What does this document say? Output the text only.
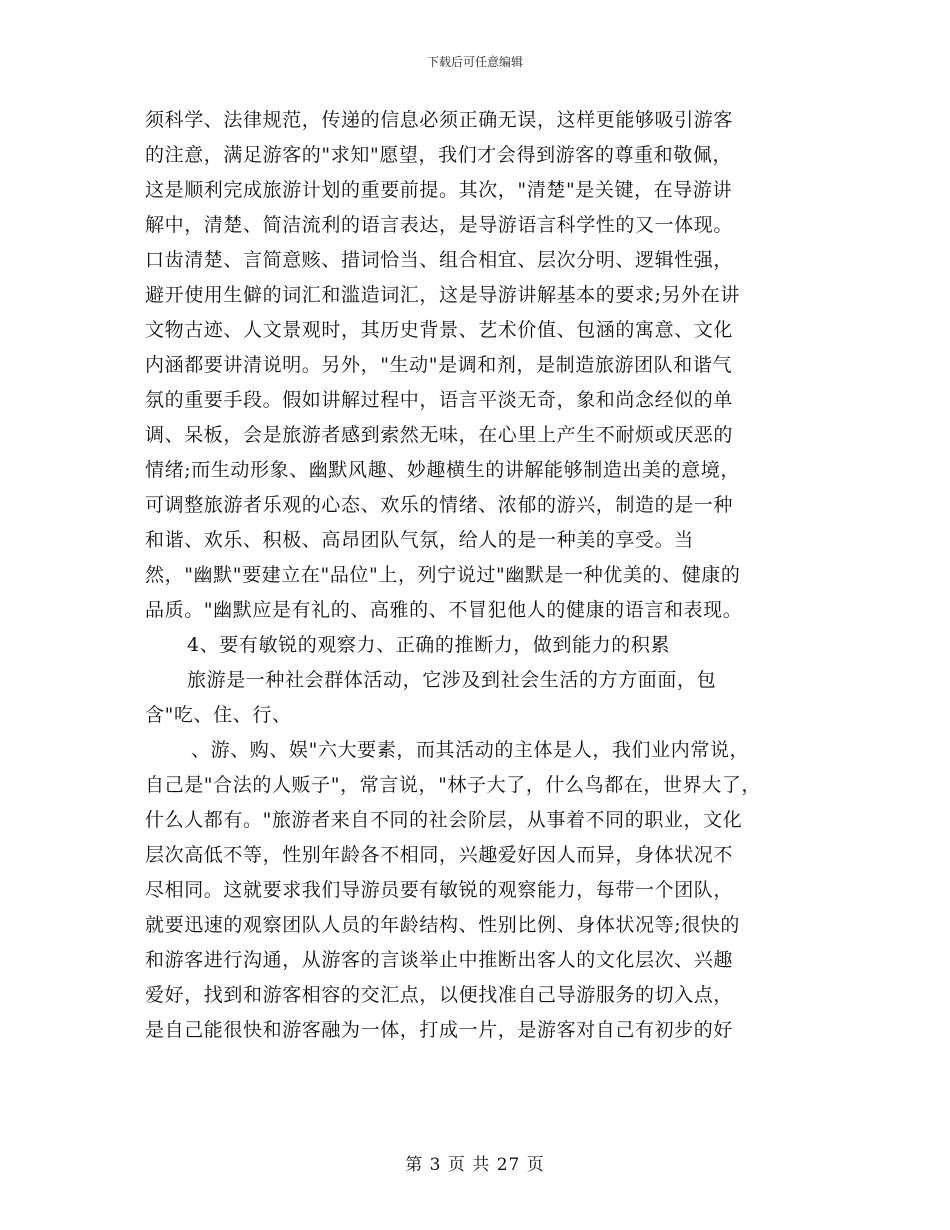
下载后可任意编辑
须科学、法律规范，传递的信息必须正确无误，这样更能够吸引游客
的注意，满足游客的"求知"愿望，我们才会得到游客的尊重和敬佩，
这是顺利完成旅游计划的重要前提。其次，"清楚"是关键，在导游讲
解中，清楚、简洁流利的语言表达，是导游语言科学性的又一体现。
口齿清楚、言简意赅、措词恰当、组合相宜、层次分明、逻辑性强，
避开使用生僻的词汇和滥造词汇，这是导游讲解基本的要求;另外在讲
文物古迹、人文景观时，其历史背景、艺术价值、包涵的寓意、文化
内涵都要讲清说明。另外，"生动"是调和剂，是制造旅游团队和谐气
氛的重要手段。假如讲解过程中，语言平淡无奇，象和尚念经似的单
调、呆板，会是旅游者感到索然无味，在心里上产生不耐烦或厌恶的
情绪;而生动形象、幽默风趣、妙趣横生的讲解能够制造出美的意境，
可调整旅游者乐观的心态、欢乐的情绪、浓郁的游兴，制造的是一种
和谐、欢乐、积极、高昂团队气氛，给人的是一种美的享受。当
然，"幽默"要建立在"品位"上，列宁说过"幽默是一种优美的、健康的
品质。"幽默应是有礼的、高雅的、不冒犯他人的健康的语言和表现。
4、要有敏锐的观察力、正确的推断力，做到能力的积累
旅游是一种社会群体活动，它涉及到社会生活的方方面面，包
含"吃、住、行、
、游、购、娱"六大要素，而其活动的主体是人，我们业内常说，
自己是"合法的人贩子"，常言说，"林子大了，什么鸟都在，世界大了，
什么人都有。"旅游者来自不同的社会阶层，从事着不同的职业，文化
层次高低不等，性别年龄各不相同，兴趣爱好因人而异，身体状况不
尽相同。这就要求我们导游员要有敏锐的观察能力，每带一个团队，
就要迅速的观察团队人员的年龄结构、性别比例、身体状况等;很快的
和游客进行沟通，从游客的言谈举止中推断出客人的文化层次、兴趣
爱好，找到和游客相容的交汇点，以便找准自己导游服务的切入点，
是自己能很快和游客融为一体，打成一片，是游客对自己有初步的好
第 3 页 共 27 页
